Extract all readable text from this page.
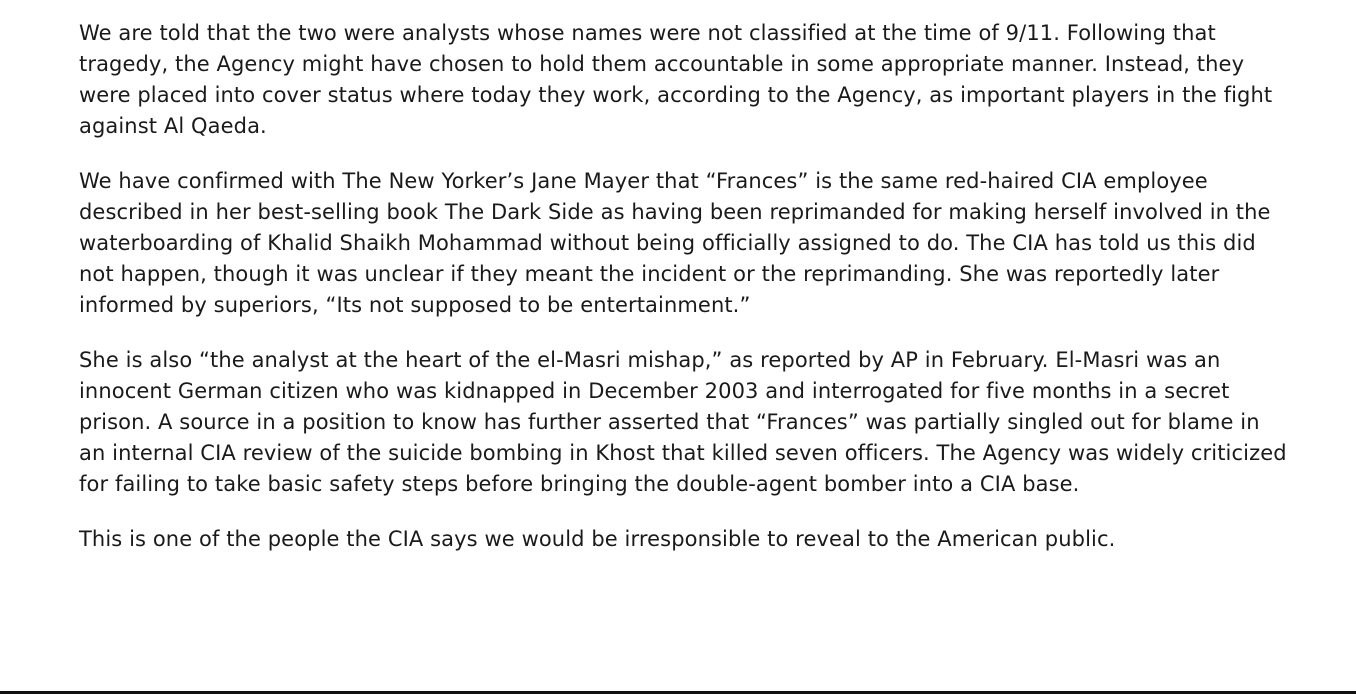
We are told that the two were analysts whose names were not classified at the time of 9/11. Following that tragedy, the Agency might have chosen to hold them accountable in some appropriate manner. Instead, they were placed into cover status where today they work, according to the Agency, as important players in the fight against Al Qaeda.

We have confirmed with The New Yorker’s Jane Mayer that “Frances” is the same red-haired CIA employee described in her best-selling book The Dark Side as having been reprimanded for making herself involved in the waterboarding of Khalid Shaikh Mohammad without being officially assigned to do. The CIA has told us this did not happen, though it was unclear if they meant the incident or the reprimanding. She was reportedly later informed by superiors, “Its not supposed to be entertainment.”

She is also “the analyst at the heart of the el-Masri mishap,” as reported by AP in February. El-Masri was an innocent German citizen who was kidnapped in December 2003 and interrogated for five months in a secret prison. A source in a position to know has further asserted that “Frances” was partially singled out for blame in an internal CIA review of the suicide bombing in Khost that killed seven officers. The Agency was widely criticized for failing to take basic safety steps before bringing the double-agent bomber into a CIA base.

This is one of the people the CIA says we would be irresponsible to reveal to the American public.
